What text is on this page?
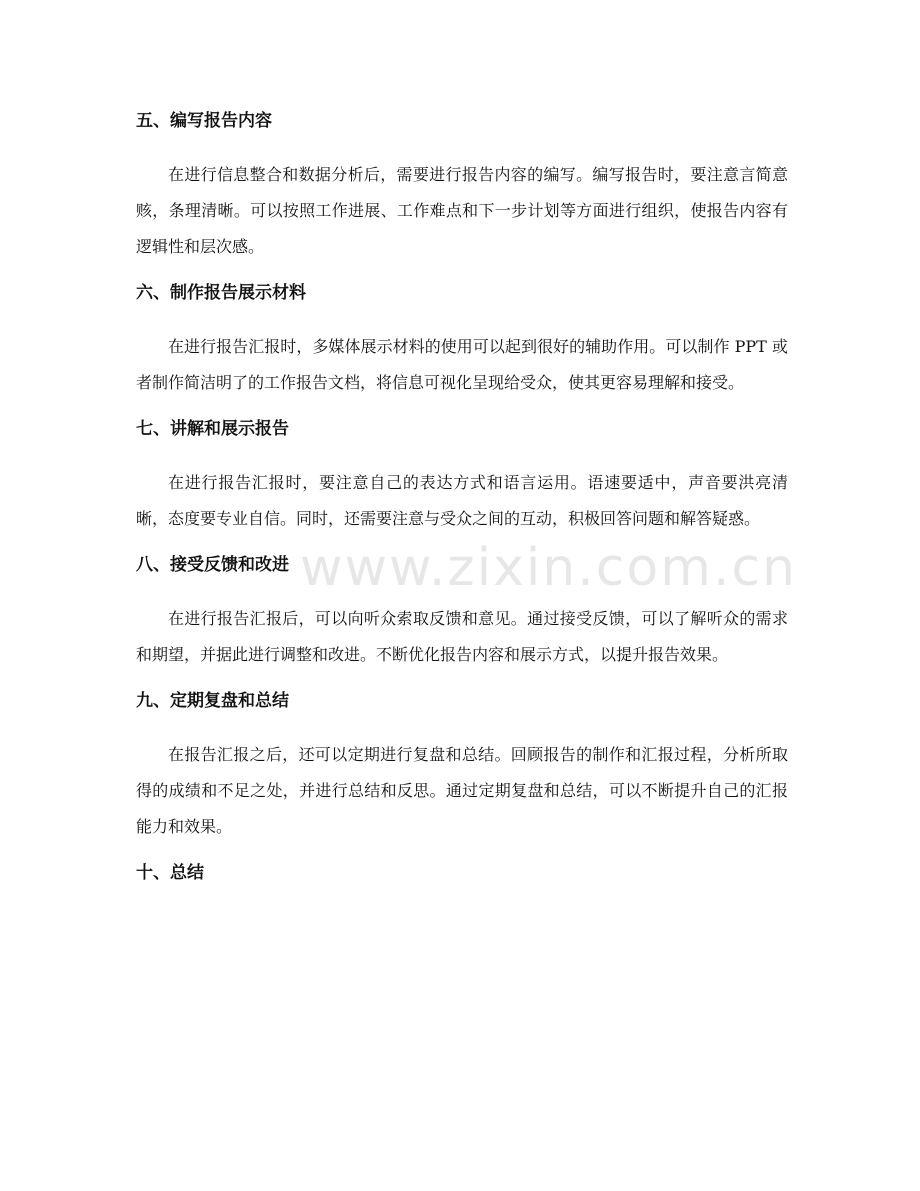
五、编写报告内容

在进行信息整合和数据分析后，需要进行报告内容的编写。编写报告时，要注意言简意赅，条理清晰。可以按照工作进展、工作难点和下一步计划等方面进行组织，使报告内容有逻辑性和层次感。

六、制作报告展示材料

在进行报告汇报时，多媒体展示材料的使用可以起到很好的辅助作用。可以制作 PPT 或者制作简洁明了的工作报告文档，将信息可视化呈现给受众，使其更容易理解和接受。

七、讲解和展示报告

在进行报告汇报时，要注意自己的表达方式和语言运用。语速要适中，声音要洪亮清晰，态度要专业自信。同时，还需要注意与受众之间的互动，积极回答问题和解答疑惑。

八、接受反馈和改进

在进行报告汇报后，可以向听众索取反馈和意见。通过接受反馈，可以了解听众的需求和期望，并据此进行调整和改进。不断优化报告内容和展示方式，以提升报告效果。

九、定期复盘和总结

在报告汇报之后，还可以定期进行复盘和总结。回顾报告的制作和汇报过程，分析所取得的成绩和不足之处，并进行总结和反思。通过定期复盘和总结，可以不断提升自己的汇报能力和效果。

十、总结
www.zixin.com.cn
